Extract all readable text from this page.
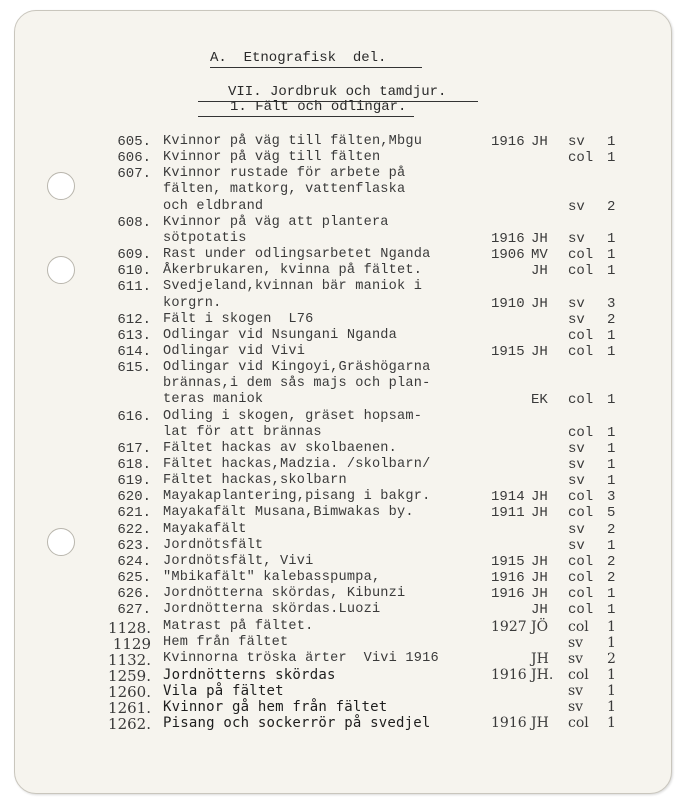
A.  Etnografisk  del.
VII. Jordbruk och tamdjur.
1. Fält och odlingar.
605. Kvinnor på väg till fälten,Mbgu	1916 JH sv 1
606. Kvinnor på väg till fälten	col 1
607. Kvinnor rustade för arbete på
fälten, matkorg, vattenflaska
och eldbrand	sv 2
608. Kvinnor på väg att plantera
sötpotatis	1916 JH sv 1
609. Rast under odlingsarbetet Nganda	1906 MV col 1
610. Åkerbrukaren, kvinna på fältet.	JH col 1
611. Svedjeland,kvinnan bär maniok i
korgrn.	1910 JH sv 3
612. Fält i skogen  L76	sv 2
613. Odlingar vid Nsungani Nganda	col 1
614. Odlingar vid Vivi	1915 JH col 1
615. Odlingar vid Kingoyi,Gräshögarna
brännas,i dem sås majs och plan-
teras maniok	EK col 1
616. Odling i skogen, gräset hopsam-
lat för att brännas	col 1
617. Fältet hackas av skolbaenen.	sv 1
618. Fältet hackas,Madzia. /skolbarn/	sv 1
619. Fältet hackas,skolbarn	sv 1
620. Mayakaplantering,pisang i bakgr.	1914 JH col 3
621. Mayakafält Musana,Bimwakas by.	1911 JH col 5
622. Mayakafält	sv 2
623. Jordnötsfält	sv 1
624. Jordnötsfält, Vivi	1915 JH col 2
625. "Mbikafält" kalebasspumpa,	1916 JH col 2
626. Jordnötterna skördas, Kibunzi	1916 JH col 1
627. Jordnötterna skördas.Luozi	JH col 1
1128. Matrast på fältet.	1927 JÖ col 1
1129 Hem från fältet	sv 1
1132. Kvinnorna tröska ärter  Vivi 1916	JH sv 2
1259. Jordnötterns skördas	1916 JH. col 1
1260. Vila på fältet	sv 1
1261. Kvinnor gå hem från fältet	sv 1
1262. Pisang och sockerrör på svedjel	1916 JH col 1
